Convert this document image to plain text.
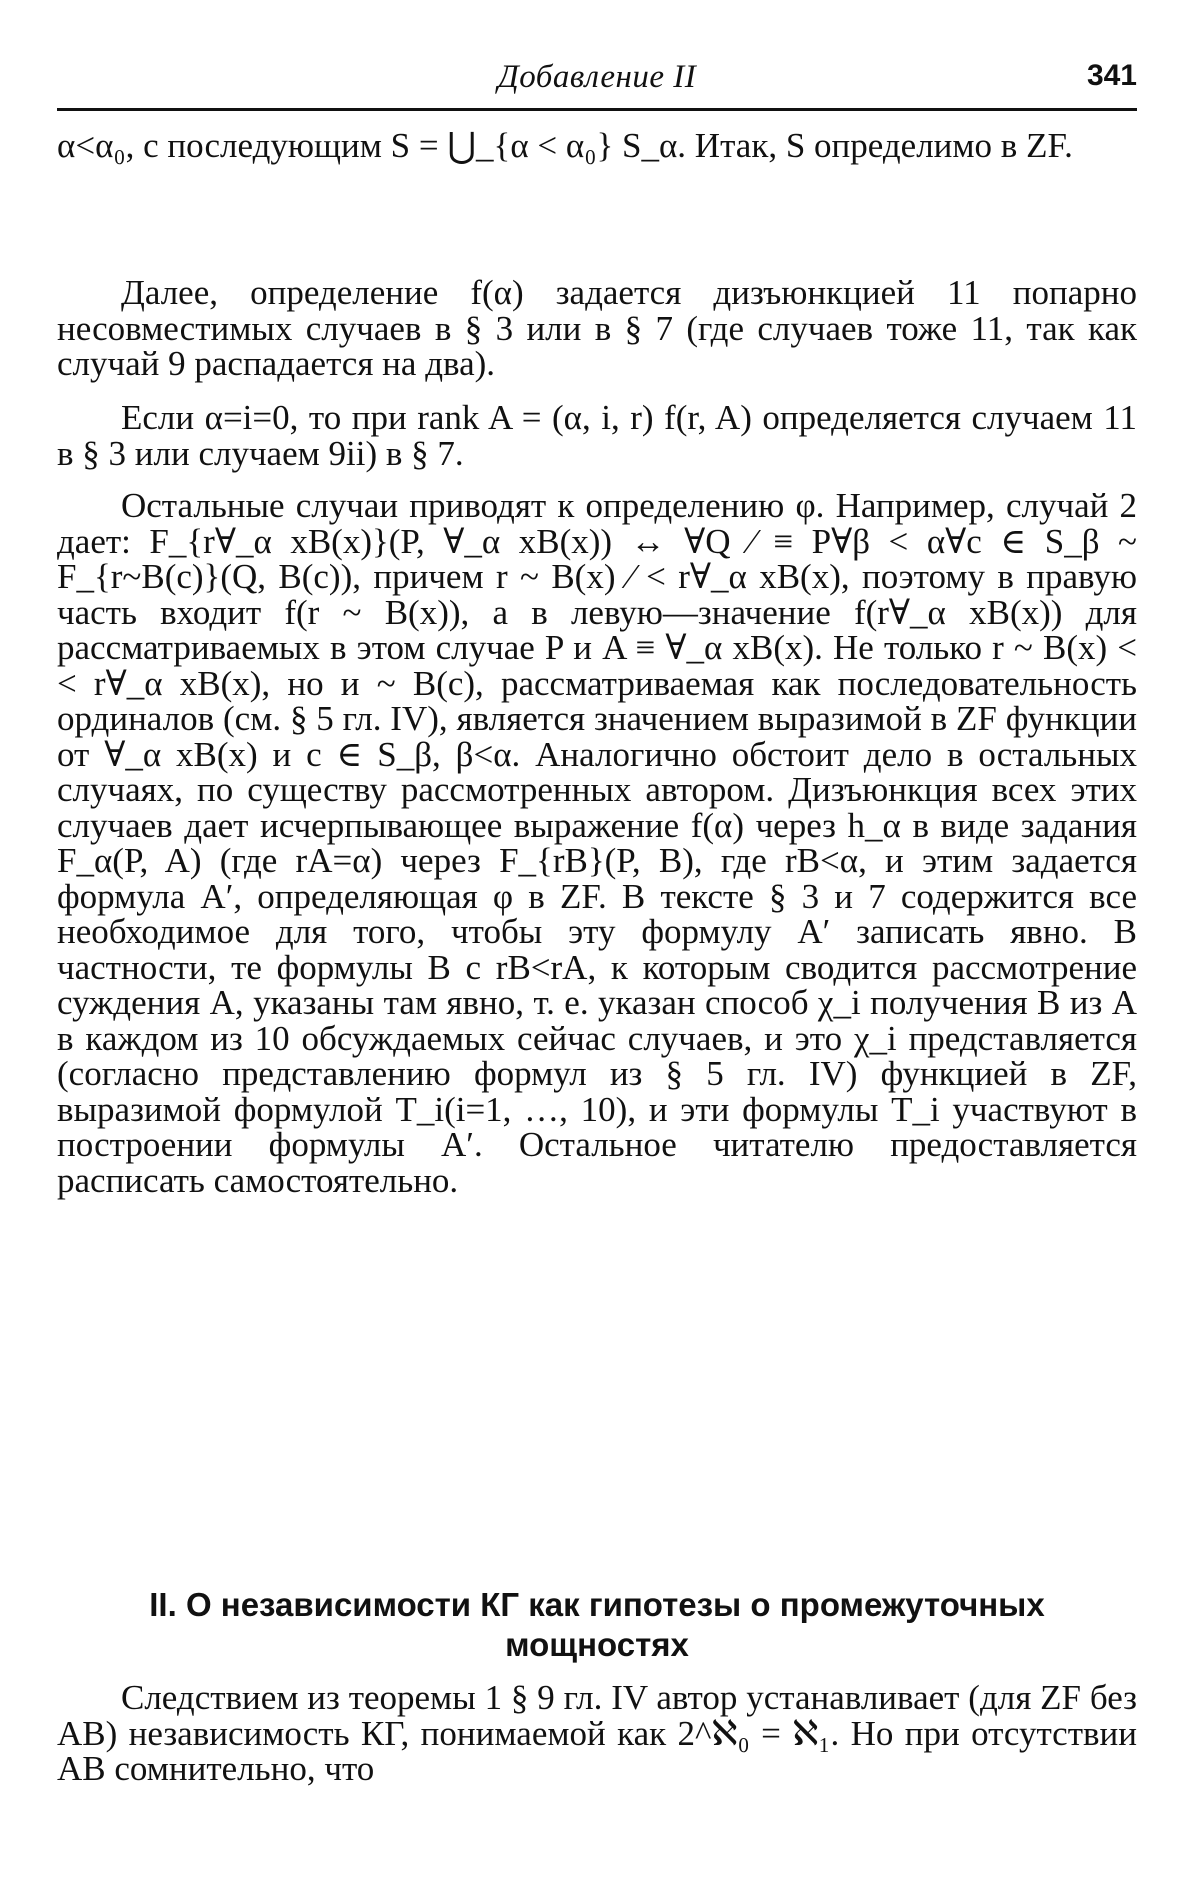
Добавление II	341

α<α₀, с последующим S = ⋃_{α < α₀} S_α. Итак, S определимо в ZF.

Далее, определение f(α) задается дизъюнкцией 11 попарно несовместимых случаев в § 3 или в § 7 (где случаев тоже 11, так как случай 9 распадается на два).

Если α=i=0, то при rank A = (α, i, r) f(r, A) определяется случаем 11 в § 3 или случаем 9ii) в § 7.

Остальные случаи приводят к определению φ. Например, случай 2 дает: F_{r∀_α xB(x)}(P, ∀_α xB(x)) ↔ ∀Q ⁄ ≡ P∀β < α∀c ∈ S_β ~ F_{r~B(c)}(Q, B(c)), причем r ~ B(x) ⁄ < r∀_α xB(x), поэтому в правую часть входит f(r ~ B(x)), а в левую—значение f(r∀_α xB(x)) для рассматриваемых в этом случае P и A ≡ ∀_α xB(x). Не только r ~ B(x) < < r∀_α xB(x), но и ~ B(c), рассматриваемая как последовательность ординалов (см. § 5 гл. IV), является значением выразимой в ZF функции от ∀_α xB(x) и c ∈ S_β, β<α. Аналогично обстоит дело в остальных случаях, по существу рассмотренных автором. Дизъюнкция всех этих случаев дает исчерпывающее выражение f(α) через h_α в виде задания F_α(P, A) (где rA=α) через F_{rB}(P, B), где rB<α, и этим задается формула A′, определяющая φ в ZF. В тексте § 3 и 7 содержится все необходимое для того, чтобы эту формулу A′ записать явно. В частности, те формулы B с rB<rA, к которым сводится рассмотрение суждения A, указаны там явно, т. е. указан способ χ_i получения B из A в каждом из 10 обсуждаемых сейчас случаев, и это χ_i представляется (согласно представлению формул из § 5 гл. IV) функцией в ZF, выразимой формулой T_i(i=1, …, 10), и эти формулы T_i участвуют в построении формулы A′. Остальное читателю предоставляется расписать самостоятельно.

II. О независимости КГ как гипотезы о промежуточных мощностях

Следствием из теоремы 1 § 9 гл. IV автор устанавливает (для ZF без АВ) независимость КГ, понимаемой как 2^ℵ₀ = ℵ₁. Но при отсутствии АВ сомнительно, что
